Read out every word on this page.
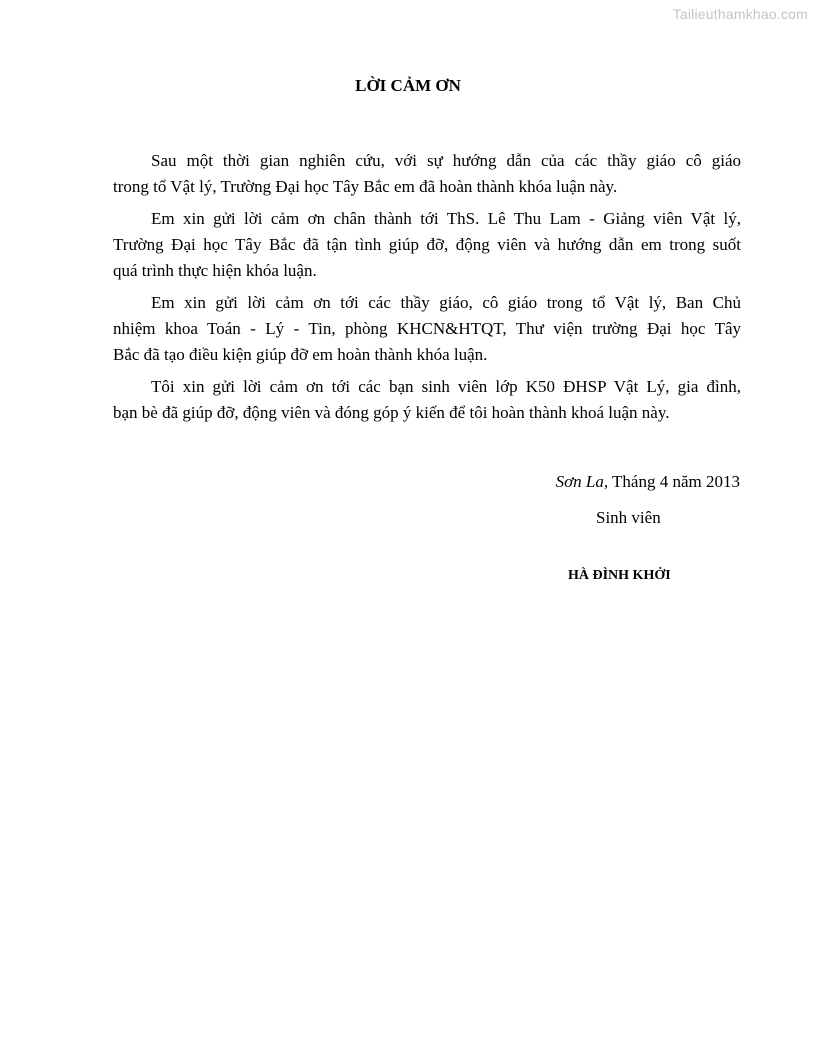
Tailieuthamkhao.com
LỜI CẢM ƠN

Sau một thời gian nghiên cứu, với sự hướng dẫn của các thầy giáo cô giáo
trong tổ Vật lý, Trường Đại học Tây Bắc em đã hoàn thành khóa luận này.

Em xin gửi lời cảm ơn chân thành tới ThS. Lê Thu Lam - Giảng viên Vật lý,
Trường Đại học Tây Bắc đã tận tình giúp đỡ, động viên và hướng dẫn em trong suốt
quá trình thực hiện khóa luận.

Em xin gửi lời cảm ơn tới các thầy giáo, cô giáo trong tổ Vật lý, Ban Chủ
nhiệm khoa Toán - Lý - Tin, phòng KHCN&HTQT, Thư viện trường Đại học Tây
Bắc đã tạo điều kiện giúp đỡ em hoàn thành khóa luận.

Tôi xin gửi lời cảm ơn tới các bạn sinh viên lớp K50 ĐHSP Vật Lý, gia đình,
bạn bè đã giúp đỡ, động viên và đóng góp ý kiến để tôi hoàn thành khoá luận này.

Sơn La, Tháng 4 năm 2013
Sinh viên
HÀ ĐÌNH KHỞI
